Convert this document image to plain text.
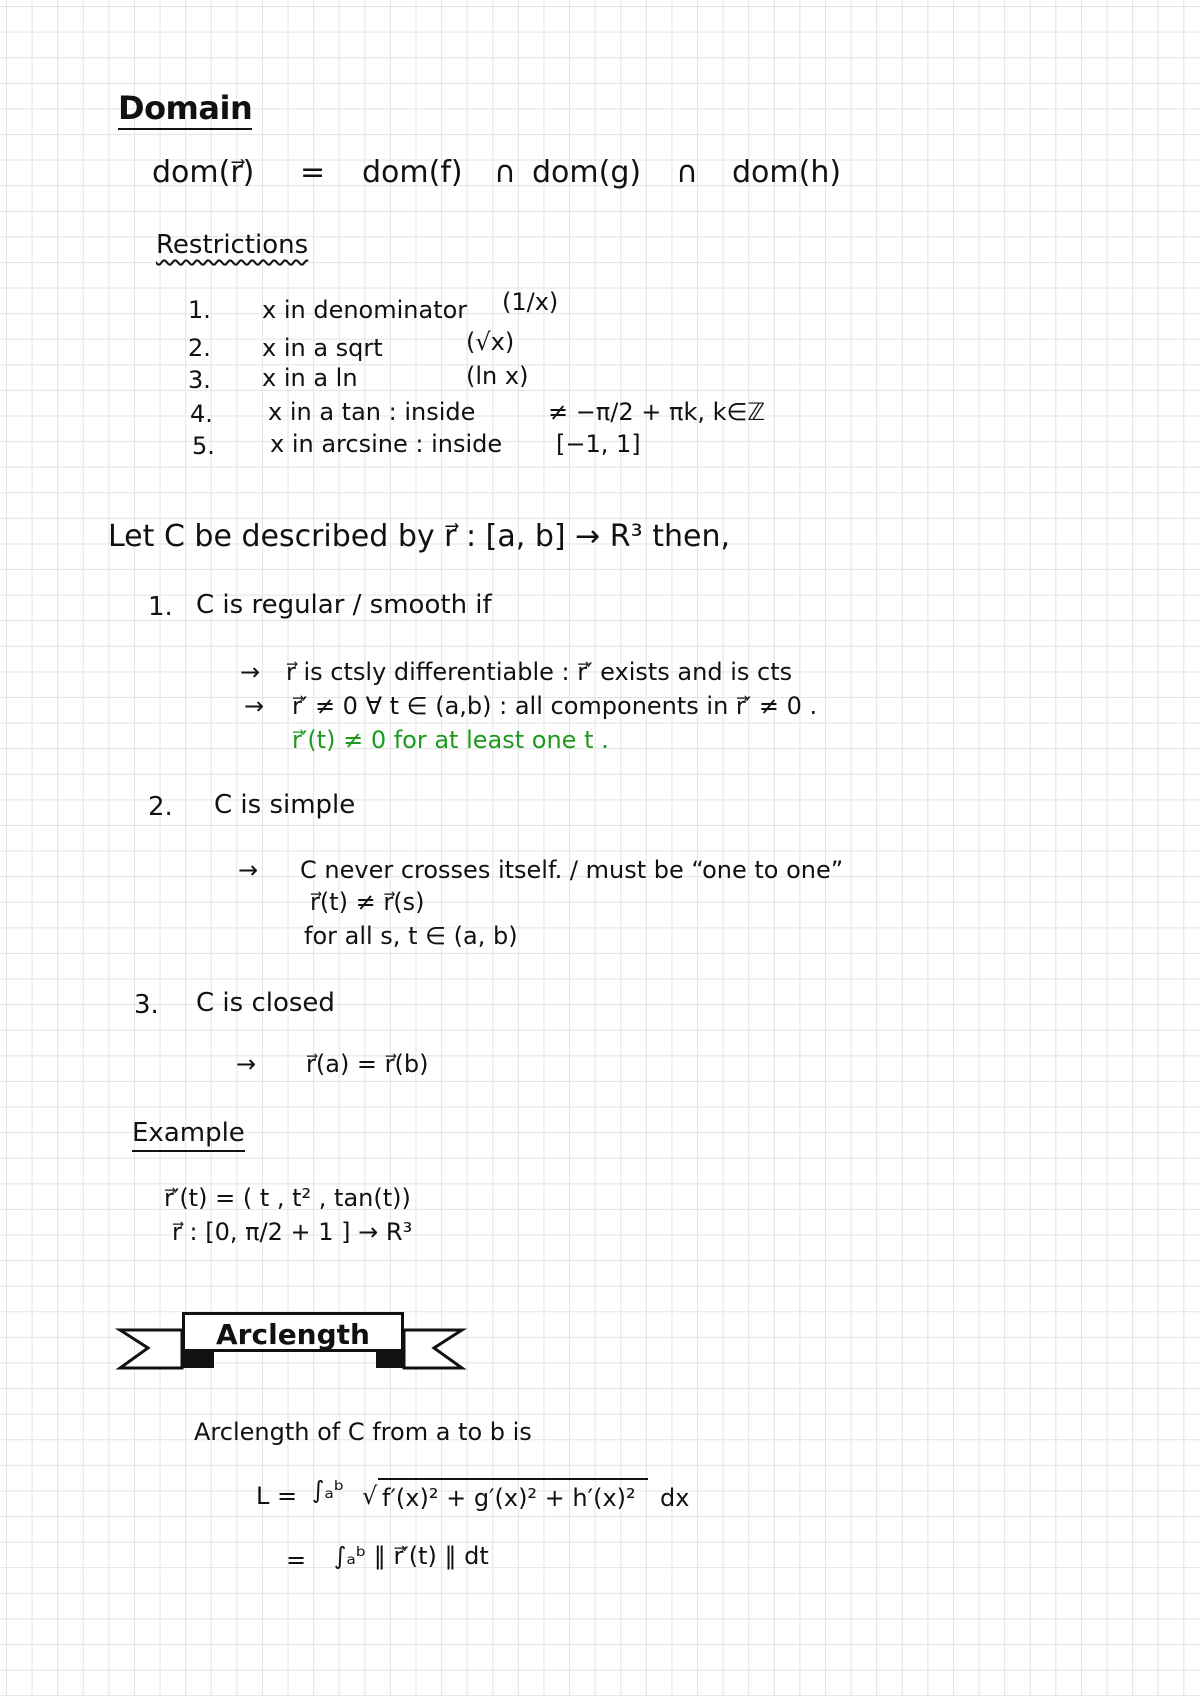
Domain
dom(r⃗) = dom(f) ∩ dom(g) ∩ dom(h)
Restrictions
1. x in denominator (1/x)
2. x in a sqrt	(√x)
3. x in a ln	(ln x)
4. x in a tan : inside	≠ −π/2 + πk, k∈ℤ
5. x in arcsine : inside [−1, 1]
Let C be described by r⃗ : [a, b] → R³ then,
1. C is regular / smooth if
→ r⃗ is ctsly differentiable : r⃗′ exists and is cts
→ r⃗′ ≠ 0 ∀ t ∈ (a,b) : all components in r⃗′ ≠ 0 .
r⃗′(t) ≠ 0 for at least one t .
2. C is simple
→ C never crosses itself. / must be “one to one”
r⃗(t) ≠ r⃗(s)
for all s, t ∈ (a, b)
3. C is closed
→ r⃗(a) = r⃗(b)
Example
r⃗′(t) = ( t , t² , tan(t))
r⃗ : [0, π/2 + 1 ] → R³
Arclength
Arclength of C from a to b is
L = ∫ₐᵇ √ f′(x)² + g′(x)² + h′(x)² dx
= ∫ₐᵇ ‖ r⃗′(t) ‖ dt
